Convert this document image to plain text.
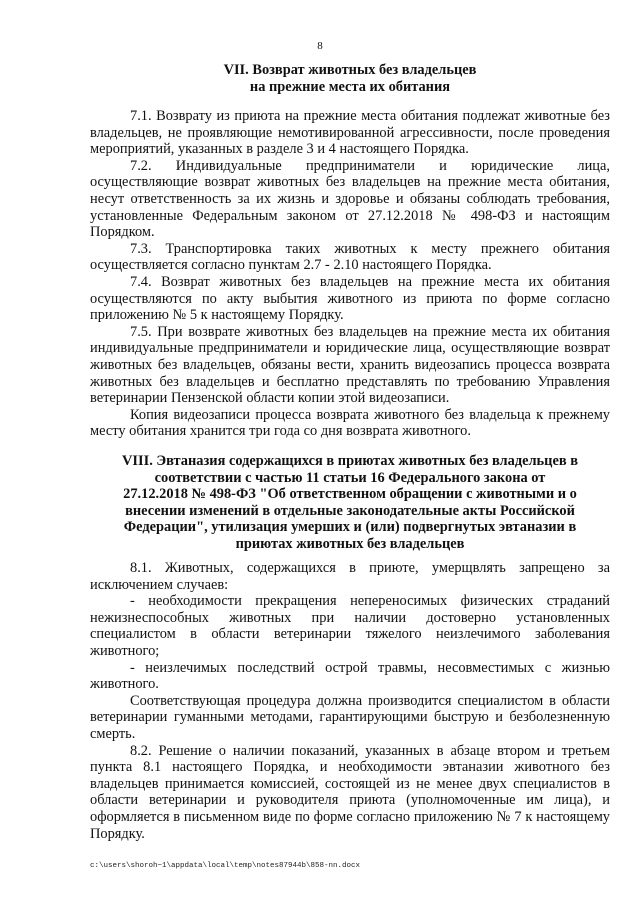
8
VII. Возврат животных без владельцев
на прежние места их обитания

7.1. Возврату из приюта на прежние места обитания подлежат животные без владельцев, не проявляющие немотивированной агрессивности, после проведения мероприятий, указанных в разделе 3 и 4 настоящего Порядка.

7.2. Индивидуальные предприниматели и юридические лица, осуществляющие возврат животных без владельцев на прежние места обитания, несут ответственность за их жизнь и здоровье и обязаны соблюдать требования, установленные Федеральным законом от 27.12.2018 № 498-ФЗ и настоящим Порядком.

7.3. Транспортировка таких животных к месту прежнего обитания осуществляется согласно пунктам 2.7 - 2.10 настоящего Порядка.

7.4. Возврат животных без владельцев на прежние места их обитания осуществляются по акту выбытия животного из приюта по форме согласно приложению № 5 к настоящему Порядку.

7.5. При возврате животных без владельцев на прежние места их обитания индивидуальные предприниматели и юридические лица, осуществляющие возврат животных без владельцев, обязаны вести, хранить видеозапись процесса возврата животных без владельцев и бесплатно представлять по требованию Управления ветеринарии Пензенской области копии этой видеозаписи.

Копия видеозаписи процесса возврата животного без владельца к прежнему месту обитания хранится три года со дня возврата животного.

VIII. Эвтаназия содержащихся в приютах животных без владельцев в
соответствии с частью 11 статьи 16 Федерального закона от
27.12.2018 № 498-ФЗ "Об ответственном обращении с животными и о
внесении изменений в отдельные законодательные акты Российской
Федерации", утилизация умерших и (или) подвергнутых эвтаназии в
приютах животных без владельцев

8.1. Животных, содержащихся в приюте, умерщвлять запрещено за исключением случаев:

- необходимости прекращения непереносимых физических страданий нежизнеспособных животных при наличии достоверно установленных специалистом в области ветеринарии тяжелого неизлечимого заболевания животного;

- неизлечимых последствий острой травмы, несовместимых с жизнью животного.

Соответствующая процедура должна производится специалистом в области ветеринарии гуманными методами, гарантирующими быструю и безболезненную смерть.

8.2. Решение о наличии показаний, указанных в абзаце втором и третьем пункта 8.1 настоящего Порядка, и необходимости эвтаназии животного без владельцев принимается комиссией, состоящей из не менее двух специалистов в области ветеринарии и руководителя приюта (уполномоченные им лица), и оформляется в письменном виде по форме согласно приложению № 7 к настоящему Порядку.

c:\users\shoroh~1\appdata\local\temp\notes87944b\858-nn.docx
